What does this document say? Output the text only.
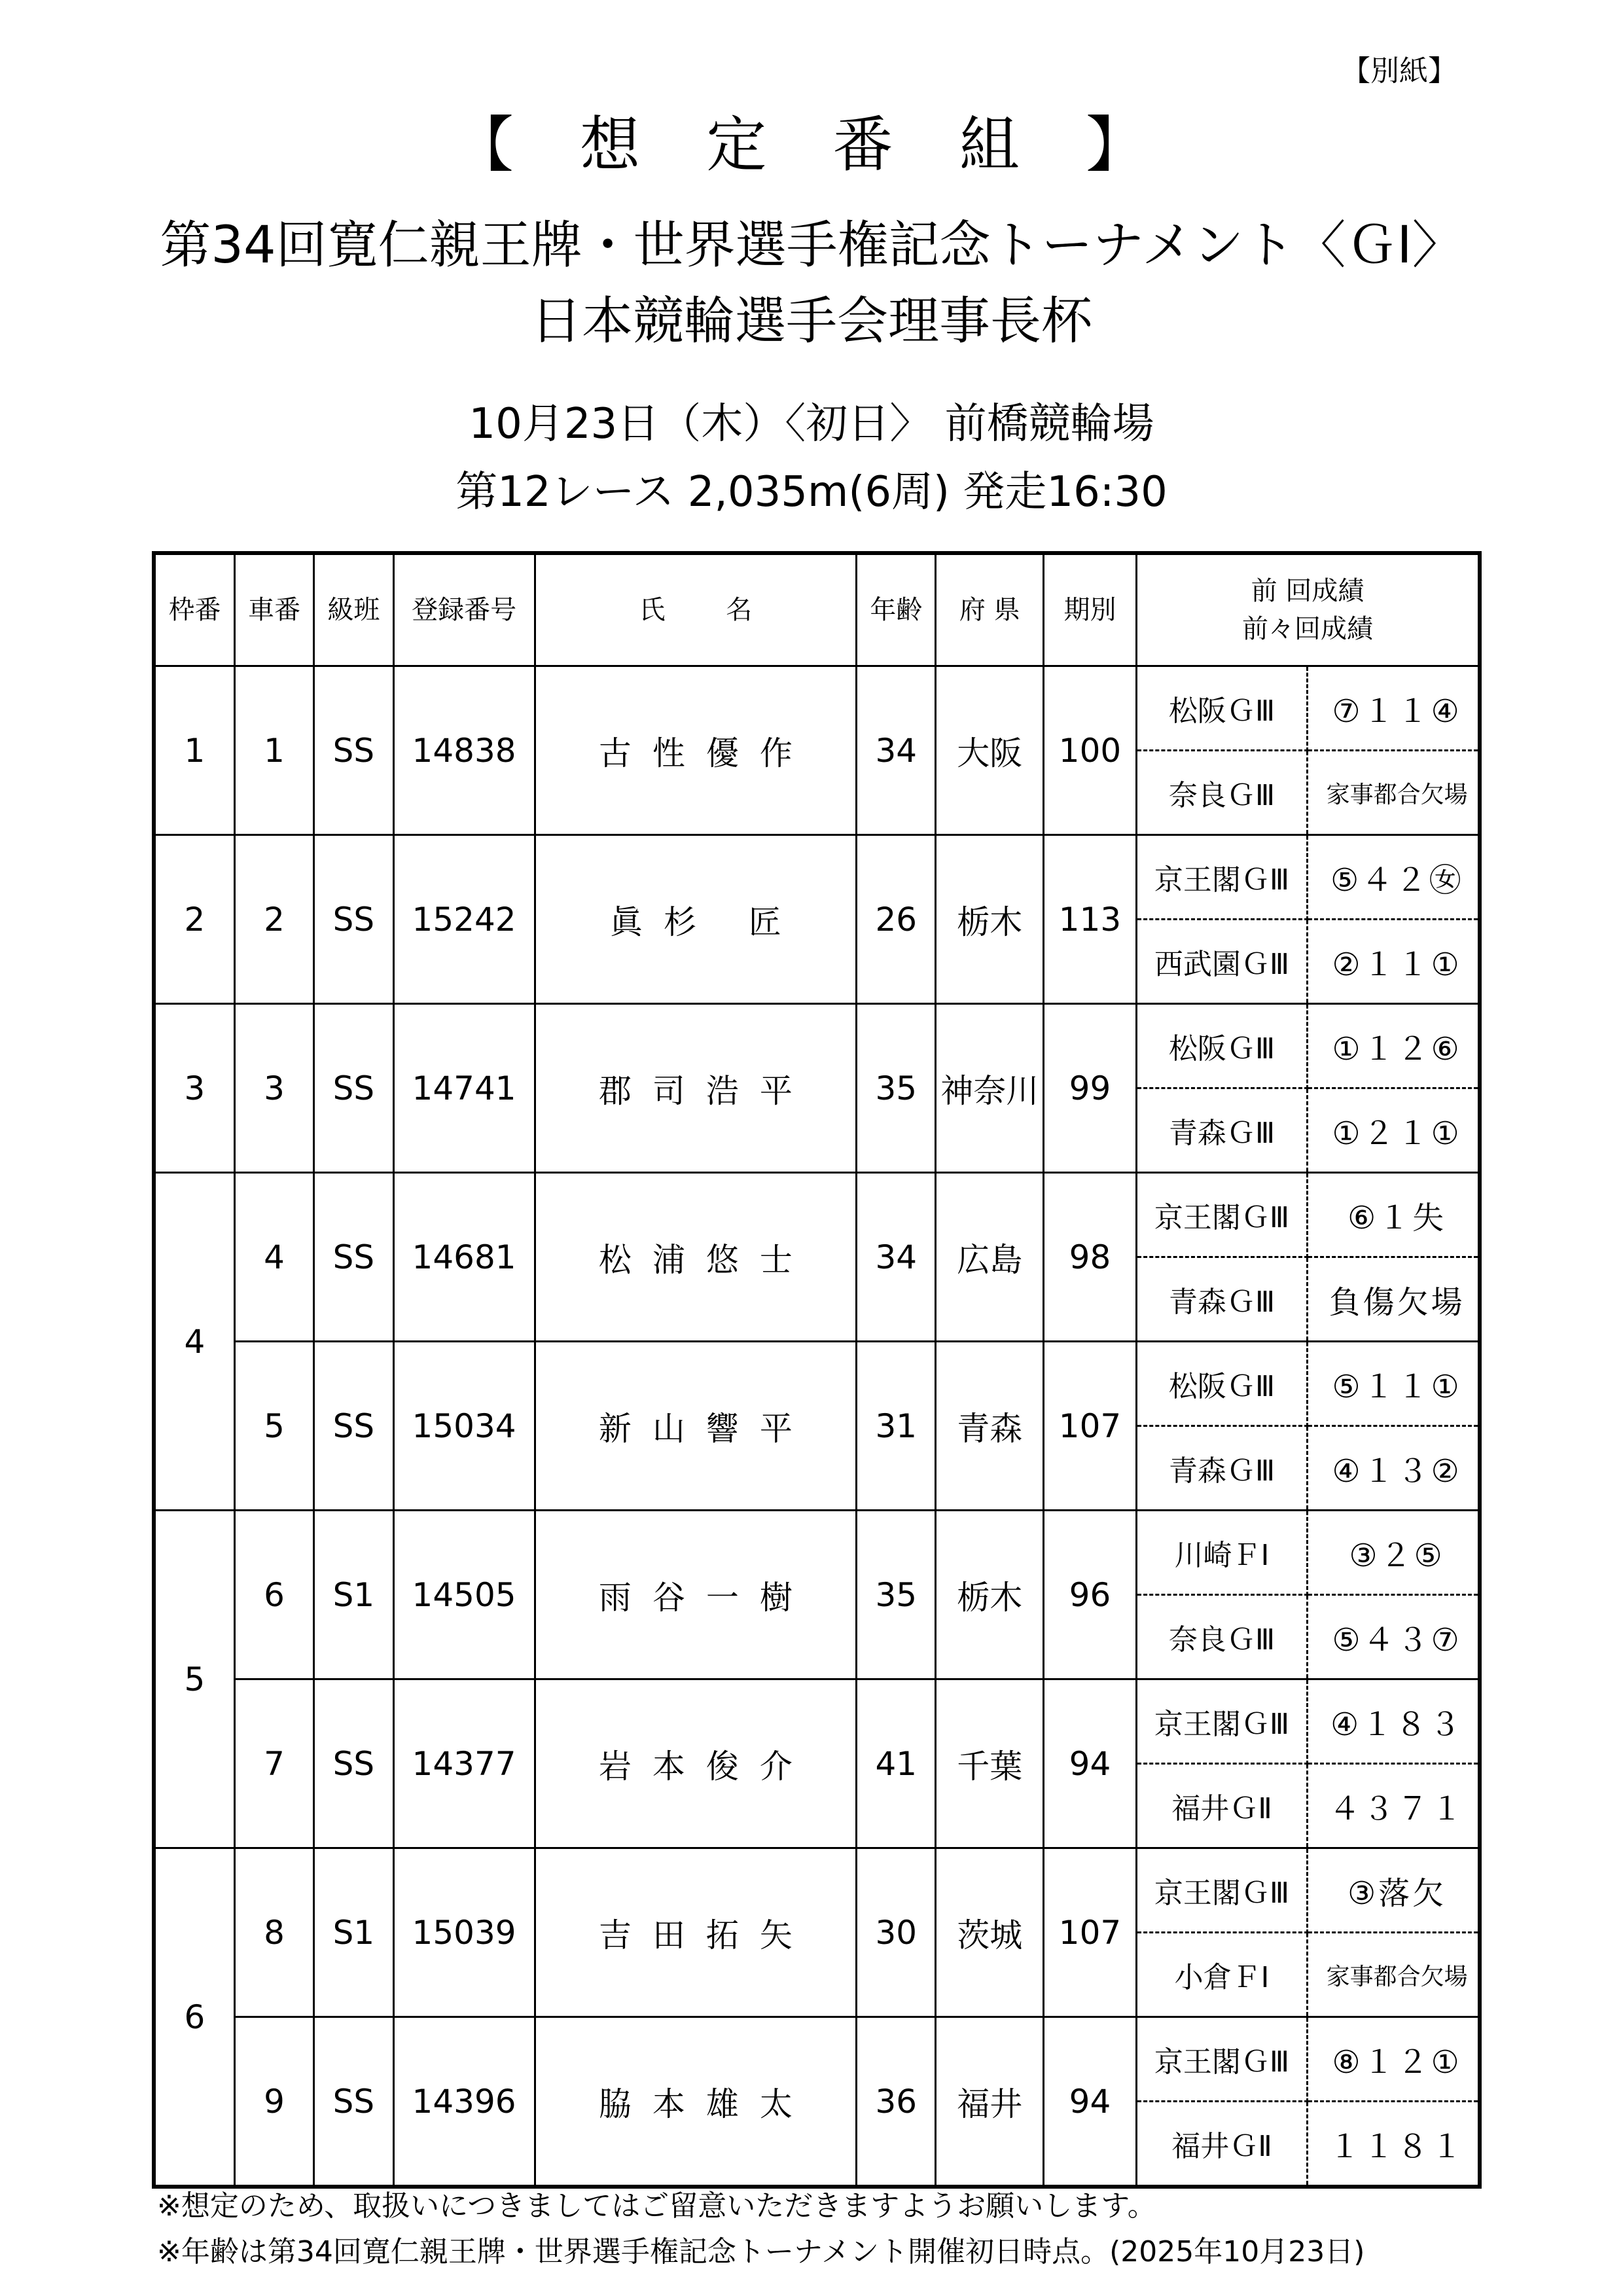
【別紙】
【 想 定 番 組 】
第34回寛仁親王牌・世界選手権記念トーナメント〈ＧⅠ〉
日本競輪選手会理事長杯
10月23日（木）〈初日〉 前橋競輪場
第12レース 2,035m(6周) 発走16:30
枠番	車番	級班	登録番号	氏 名	年齢	府 県	期別	前 回成績
前々回成績	

1	1	SS	14838	古性優作	34	大阪	100	松阪ＧⅢ	⑦１１④
								奈良ＧⅢ	家事都合欠場
2	2	SS	15242	眞杉 匠	26	栃木	113	京王閣ＧⅢ	⑤４２㊛
								西武園ＧⅢ	②１１①
3	3	SS	14741	郡司浩平	35	神奈川	99	松阪ＧⅢ	①１２⑥
								青森ＧⅢ	①２１①
4	4	SS	14681	松浦悠士	34	広島	98	京王閣ＧⅢ	⑥１失
								青森ＧⅢ	負傷欠場
	5	SS	15034	新山響平	31	青森	107	松阪ＧⅢ	⑤１１①
								青森ＧⅢ	④１３②
5	6	S1	14505	雨谷一樹	35	栃木	96	川崎ＦⅠ	③２⑤
								奈良ＧⅢ	⑤４３⑦
	7	SS	14377	岩本俊介	41	千葉	94	京王閣ＧⅢ	④１８３
								福井ＧⅡ	４３７１
6	8	S1	15039	吉田拓矢	30	茨城	107	京王閣ＧⅢ	③落欠
								小倉ＦⅠ	家事都合欠場
	9	SS	14396	脇本雄太	36	福井	94	京王閣ＧⅢ	⑧１２①
								福井ＧⅡ	１１８１
※想定のため、取扱いにつきましてはご留意いただきますようお願いします。
※年齢は第34回寛仁親王牌・世界選手権記念トーナメント開催初日時点。(2025年10月23日)
